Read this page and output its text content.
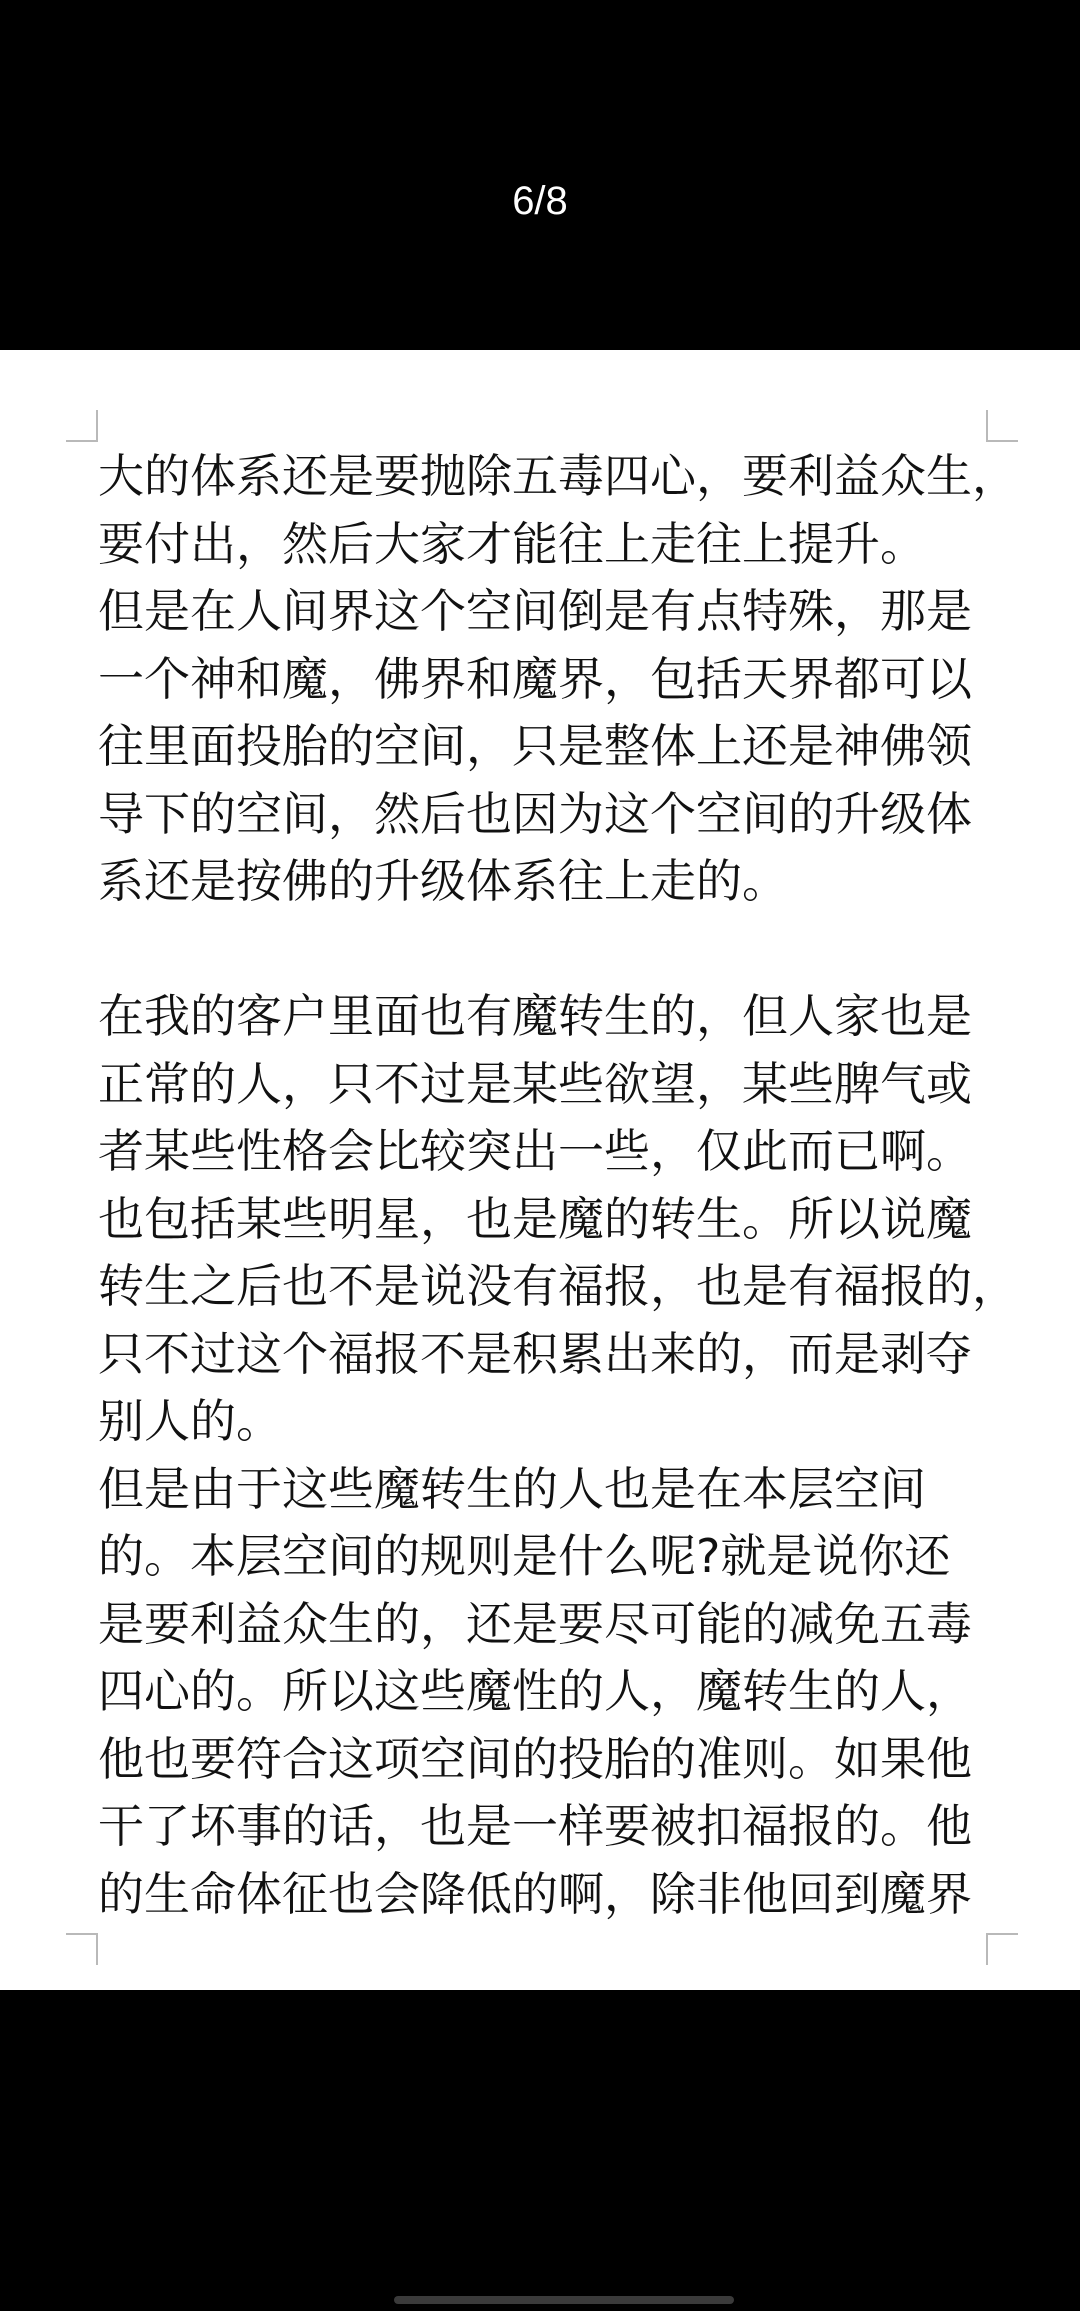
6/8
大的体系还是要抛除五毒四心，要利益众生，
要付出，然后大家才能往上走往上提升。
但是在人间界这个空间倒是有点特殊，那是
一个神和魔，佛界和魔界，包括天界都可以
往里面投胎的空间，只是整体上还是神佛领
导下的空间，然后也因为这个空间的升级体
系还是按佛的升级体系往上走的。
在我的客户里面也有魔转生的，但人家也是
正常的人，只不过是某些欲望，某些脾气或
者某些性格会比较突出一些，仅此而已啊。
也包括某些明星，也是魔的转生。所以说魔
转生之后也不是说没有福报，也是有福报的，
只不过这个福报不是积累出来的，而是剥夺
别人的。
但是由于这些魔转生的人也是在本层空间
的。本层空间的规则是什么呢?就是说你还
是要利益众生的，还是要尽可能的减免五毒
四心的。所以这些魔性的人，魔转生的人，
他也要符合这项空间的投胎的准则。如果他
干了坏事的话，也是一样要被扣福报的。他
的生命体征也会降低的啊，除非他回到魔界
